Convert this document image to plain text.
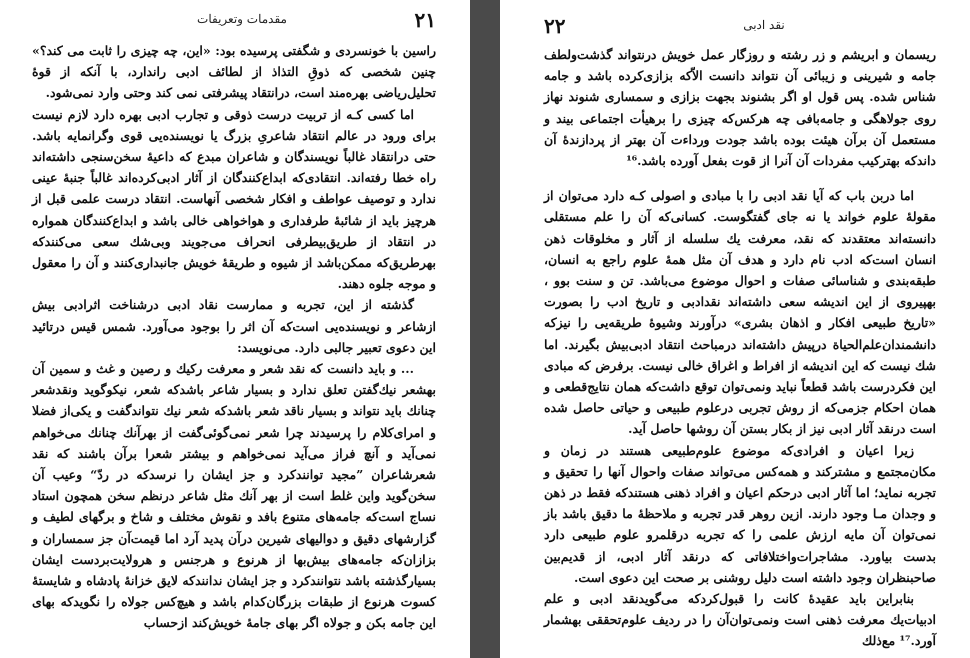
۲۱
مقدمات وتعريفات

راسين با خونسردى و شگفتى پرسيده بود: «اين، چه چيزى را ثابت مى كند؟» چنين شخصى كه ذوقِ التذاذ از لطائف ادبى راندارد، با آنكه از قوهٔ تحليل‌رياضى بهره‌مند است، درانتقاد پيشرفتى نمى كند وحتى وارد نمى‌شود.

اما كسى كـه از تربيت درست ذوقى و تجارب ادبى بهره دارد لازم نيست براى ورود در عالم انتقاد شاعرىِ بزرگ يا نويسنده‌يى قوى وگرانمايه باشد. حتى درانتقاد غالباً نويسندگان و شاعران مبدع كه داعيهٔ سخن‌سنجى داشته‌اند راه خطا رفته‌اند. انتقادى‌كه ابداع‌كنندگان از آثار ادبى‌كرده‌اند غالباً جنبهٔ عينى ندارد و توصيف عواطف و افكار شخصى آنهاست. انتقاد درست علمى قبل از هرچيز بايد از شائبهٔ طرفدارى و هواخواهى خالى باشد و ابداع‌كنندگان همواره در انتقاد از طريق‌بيطرفى انحراف مى‌جويند وبى‌شك سعى مى‌كنندكه بهرطريق‌كه ممكن‌باشد از شيوه و طريقهٔ خويش جانبدارى‌كنند و آن را معقول و موجه جلوه دهند.

گذشته از اين، تجربه و ممارست نقاد ادبى درشناخت اثرادبى بيش ازشاعر و نويسنده‌يى است‌كه آن اثر را بوجود مى‌آورد. شمس قيس درتائيد اين دعوى تعبير جالبى دارد. مى‌نويسد:

... و بايد دانست كه نقد شعر و معرفت ركيك و رصين و غث و سمين آن بهشعر نيك‌گفتن تعلق ندارد و بسيار شاعر باشدكه شعر، نيكوگويد ونقدشعر چنانك بايد نتواند و بسيار ناقد شعر باشدكه شعر نيك نتواندگفت و يكى‌از فضلا و امراى‌كلام را پرسيدند چرا شعر نمى‌گوئى‌گفت از بهرآنك چنانك مى‌خواهم نمى‌آيد و آنچ فراز مى‌آيد نمى‌خواهم و بيشتر شعرا برآن باشند كه نقد شعرشاعران ”مجيد توانندكرد و جز ايشان را نرسدكه در ردّ“ وعيب آن سخن‌گويد واين غلط است از بهر آنك مثل شاعر درنظم سخن همچون استاد نساج است‌كه جامه‌هاى متنوع بافد و نقوش مختلف و شاخ و برگهاى لطيف و گزارشهاى دقيق و دواليهاى شيرين در‌آن پديد آرد اما قيمت‌آن جز سمساران و بزازان‌كه جامه‌هاى بيش‌بها از هرنوع و هرجنس و هرولايت‌بردست ايشان بسيارگذشته باشد نتوانندكرد و جز ايشان ندانندكه لايق خزانهٔ پادشاه و شايستهٔ كسوت هرنوع از طبقات بزرگان‌كدام باشد و هيچ‌كس جولاه را نگويدكه بهاى اين جامه بكن و جولاه اگر بهاى جامهٔ خويش‌كند ازحساب

۲۲	نقد ادبى

ريسمان و ابريشم و زر رشته و روزگار عمل خويش درنتواند گذشت‌ولطف جامه و شيرينى و زيبائى آن نتواند دانست الاّكه بزازى‌كرده باشد و جامه‌ شناس شده. پس قول او اگر بشنوند بجهت بزازى و سمسارى شنوند نهاز روى جولاهگى و جامه‌بافى چه هركس‌كه چيزى را برهيأت اجتماعى بيند و مستعمل آن برآن هيئت بوده باشد جودت ورداءت آن بهتر از پردازندهٔ آن داندكه بهتركيب مفردات آن آنرا از قوت بفعل آورده باشد.¹⁶

اما دربن باب كه آيا نقد ادبى را با مبادى و اصولى كـه دارد مى‌توان از مقولهٔ علوم خواند يا نه جاى گفتگوست. كسانى‌كه آن را علم مستقلى دانسته‌اند معتقدند كه نقد، معرفت يك سلسله از آثار و مخلوقات ذهن انسان است‌كه ادب نام دارد و هدف آن مثل همهٔ علوم راجع به انسان، طبقه‌بندى و شناسائى صفات و احوال موضوع مى‌باشد. تن و سنت بوو ، بهپيروى از اين انديشه سعى داشته‌اند نقدادبى و تاريخ ادب را بصورت «تاريخ طبيعى افكار و اذهان بشرى» درآورند وشيوهٔ طريقه‌يى را نيزكه دانشمندان‌علم‌الحياة درپيش داشته‌اند درمباحث انتقاد ادبى‌بيش بگيرند. اما شك نيست كه اين انديشه از افراط و اغراق خالى نيست. برفرض كه مبادى اين فكردرست باشد قطعاً نبايد ونمى‌توان توقع داشت‌كه همان نتايج‌قطعى و همان احكام جزمى‌كه از روش تجربى درعلوم طبيعى و حياتى حاصل شده است درنقد آثار ادبى نيز از بكار بستن آن روشها حاصل آيد.

زيرا اعيان و افرادى‌كه موضوع علوم‌طبيعى هستند در زمان و مكان‌مجتمع و مشتركند و همه‌كس مى‌تواند صفات واحوال آنها را تحقيق و تجربه نمايد؛ اما آثار ادبى درحكم اعيان و افراد ذهنى هستندكه فقط در ذهن و وجدان مـا وجود دارند. ازين روهر قدر تجربه و ملاحظهٔ ما دقيق باشد باز نمى‌توان آن مايه ارزش علمى را كه تجربه درقلمرو علوم طبيعى دارد بدست بياورد. مشاجرات‌واختلافاتى كه درنقد آثار ادبى، از قديم‌بين صاحبنظران وجود داشته است دليل روشنى بر صحت اين دعوى است.

بنابراين بايد عقيدهٔ كانت را قبول‌كردكه مى‌گويدنقد ادبى و علم ادبيات‌يك معرفت ذهنى است ونمى‌توان‌آن را در رديف علوم‌تحققى بهشمار آورد.¹⁷ مع‌ذلك
